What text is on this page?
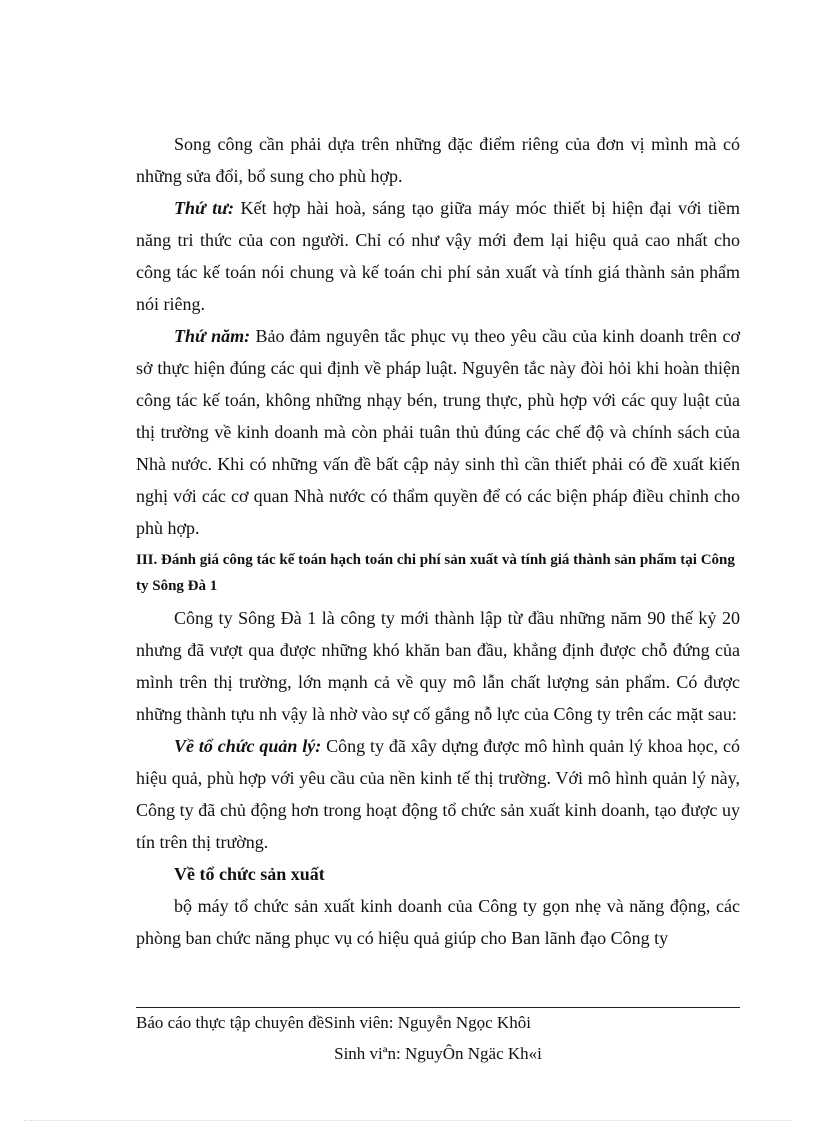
Song công cần phải dựa trên những đặc điểm riêng của đơn vị mình mà có những sửa đổi, bổ sung cho phù hợp.

Thứ tư: Kết hợp hài hoà, sáng tạo giữa máy móc thiết bị hiện đại với tiềm năng tri thức của con người. Chỉ có như vậy mới đem lại hiệu quả cao nhất cho công tác kế toán nói chung và kế toán chi phí sản xuất và tính giá thành sản phẩm nói riêng.

Thứ năm: Bảo đảm nguyên tắc phục vụ theo yêu cầu của kinh doanh trên cơ sở thực hiện đúng các qui định về pháp luật. Nguyên tắc này đòi hỏi khi hoàn thiện công tác kế toán, không những nhạy bén, trung thực, phù hợp với các quy luật của thị trường về kinh doanh mà còn phải tuân thủ đúng các chế độ và chính sách của Nhà nước. Khi có những vấn đề bất cập nảy sinh thì cần thiết phải có đề xuất kiến nghị với các cơ quan Nhà nước có thẩm quyền để có các biện pháp điều chỉnh cho phù hợp.

III. Đánh giá công tác kế toán hạch toán chi phí sản xuất và tính giá thành sản phẩm tại Công ty Sông Đà 1

Công ty Sông Đà 1 là công ty mới thành lập từ đầu những năm 90 thế kỷ 20 nhưng đã vượt qua được những khó khăn ban đầu, khẳng định được chỗ đứng của mình trên thị trường, lớn mạnh cả về quy mô lẫn chất lượng sản phẩm. Có được những thành tựu nh vậy là nhờ vào sự cố gắng nỗ lực của Công ty trên các mặt sau:

Về tổ chức quản lý: Công ty đã xây dựng được mô hình quản lý khoa học, có hiệu quả, phù hợp với yêu cầu của nền kinh tế thị trường. Với mô hình quản lý này, Công ty đã chủ động hơn trong hoạt động tổ chức sản xuất kinh doanh, tạo được uy tín trên thị trường.

Về tổ chức sản xuất

bộ máy tổ chức sản xuất kinh doanh của Công ty gọn nhẹ và năng động, các phòng ban chức năng phục vụ có hiệu quả giúp cho Ban lãnh đạo Công ty

Báo cáo thực tập chuyên đềSinh viên: Nguyễn Ngọc Khôi
Sinh viªn: NguyÔn Ngäc Kh«i
